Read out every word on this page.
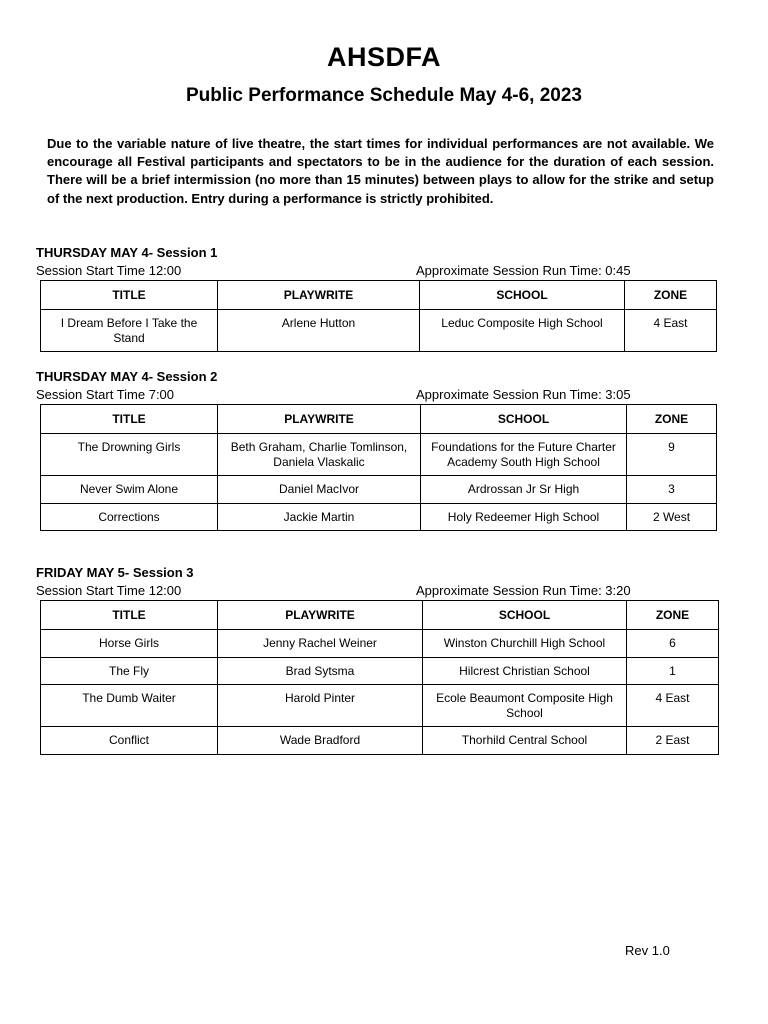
AHSDFA
Public Performance Schedule May 4-6, 2023
Due to the variable nature of live theatre, the start times for individual performances are not available. We encourage all Festival participants and spectators to be in the audience for the duration of each session. There will be a brief intermission (no more than 15 minutes) between plays to allow for the strike and setup of the next production. Entry during a performance is strictly prohibited.
THURSDAY MAY 4- Session 1
Session Start Time 12:00	Approximate Session Run Time: 0:45
TITLE	PLAYWRITE	SCHOOL	ZONE
I Dream Before I Take the Stand	Arlene Hutton	Leduc Composite High School	4 East
THURSDAY MAY 4- Session 2
Session Start Time 7:00	Approximate Session Run Time: 3:05
TITLE	PLAYWRITE	SCHOOL	ZONE
The Drowning Girls	Beth Graham, Charlie Tomlinson, Daniela Vlaskalic	Foundations for the Future Charter Academy South High School	9
Never Swim Alone	Daniel MacIvor	Ardrossan Jr Sr High	3
Corrections	Jackie Martin	Holy Redeemer High School	2 West
FRIDAY MAY 5- Session 3
Session Start Time 12:00	Approximate Session Run Time: 3:20
TITLE	PLAYWRITE	SCHOOL	ZONE
Horse Girls	Jenny Rachel Weiner	Winston Churchill High School	6
The Fly	Brad Sytsma	Hilcrest Christian School	1
The Dumb Waiter	Harold Pinter	Ecole Beaumont Composite High School	4 East
Conflict	Wade Bradford	Thorhild Central School	2 East
Rev 1.0
